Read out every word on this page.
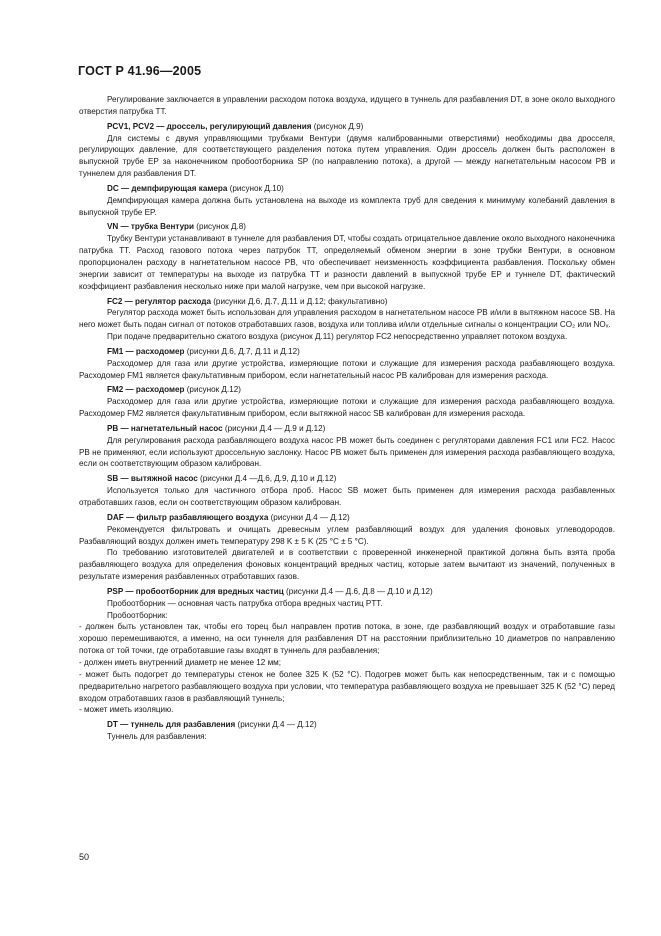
ГОСТ Р 41.96—2005

Регулирование заключается в управлении расходом потока воздуха, идущего в туннель для разбавления DT, в зоне около выходного отверстия патрубка TT.

PCV1, PCV2 — дроссель, регулирующий давления (рисунок Д.9)

Для системы с двумя управляющими трубками Вентури (двумя калиброванными отверстиями) необходимы два дросселя, регулирующих давление, для соответствующего разделения потока путем управления. Один дроссель должен быть расположен в выпускной трубе EP за наконечником пробоотборника SP (по направлению потока), а другой — между нагнетательным насосом PB и туннелем для разбавления DT.

DC — демпфирующая камера (рисунок Д.10)

Демпфирующая камера должна быть установлена на выходе из комплекта труб для сведения к минимуму колебаний давления в выпускной трубе EP.

VN — трубка Вентури (рисунок Д.8)

Трубку Вентури устанавливают в туннеле для разбавления DT, чтобы создать отрицательное давление около выходного наконечника патрубка TT. Расход газового потока через патрубок TT, определяемый обменом энергии в зоне трубки Вентури, в основном пропорционален расходу в нагнетательном насосе PB, что обеспечивает неизменность коэффициента разбавления. Поскольку обмен энергии зависит от температуры на выходе из патрубка TT и разности давлений в выпускной трубе EP и туннеле DT, фактический коэффициент разбавления несколько ниже при малой нагрузке, чем при высокой нагрузке.

FC2 — регулятор расхода (рисунки Д.6, Д.7, Д.11 и Д.12; факультативно)

Регулятор расхода может быть использован для управления расходом в нагнетательном насосе PB и/или в вытяжном насосе SB. На него может быть подан сигнал от потоков отработавших газов, воздуха или топлива и/или отдельные сигналы о концентрации CO₂ или NOₓ.

При подаче предварительно сжатого воздуха (рисунок Д.11) регулятор FC2 непосредственно управляет потоком воздуха.

FM1 — расходомер (рисунки Д.6, Д.7, Д.11 и Д.12)

Расходомер для газа или другие устройства, измеряющие потоки и служащие для измерения расхода разбавляющего воздуха. Расходомер FM1 является факультативным прибором, если нагнетательный насос PB калиброван для измерения расхода.

FM2 — расходомер (рисунок Д.12)

Расходомер для газа или другие устройства, измеряющие потоки и служащие для измерения расхода разбавляющего воздуха. Расходомер FM2 является факультативным прибором, если вытяжной насос SB калиброван для измерения расхода.

PB — нагнетательный насос (рисунки Д.4 — Д.9 и Д.12)

Для регулирования расхода разбавляющего воздуха насос PB может быть соединен с регуляторами давления FC1 или FC2. Насос PB не применяют, если используют дроссельную заслонку. Насос PB может быть применен для измерения расхода разбавляющего воздуха, если он соответствующим образом калиброван.

SB — вытяжной насос (рисунки Д.4 —Д.6, Д.9, Д.10 и Д.12)

Используется только для частичного отбора проб. Насос SB может быть применен для измерения расхода разбавленных отработавших газов, если он соответствующим образом калиброван.

DAF — фильтр разбавляющего воздуха (рисунки Д.4 — Д.12)

Рекомендуется фильтровать и очищать древесным углем разбавляющий воздух для удаления фоновых углеводородов. Разбавляющий воздух должен иметь температуру 298 K ± 5 K (25 °C ± 5 °C).

По требованию изготовителей двигателей и в соответствии с проверенной инженерной практикой должна быть взята проба разбавляющего воздуха для определения фоновых концентраций вредных частиц, которые затем вычитают из значений, полученных в результате измерения разбавленных отработавших газов.

PSP — пробоотборник для вредных частиц (рисунки Д.4 — Д.6, Д.8 — Д.10 и Д.12)

Пробоотборник — основная часть патрубка отбора вредных частиц PTT.

Пробоотборник:

- должен быть установлен так, чтобы его торец был направлен против потока, в зоне, где разбавляющий воздух и отработавшие газы хорошо перемешиваются, а именно, на оси туннеля для разбавления DT на расстоянии приблизительно 10 диаметров по направлению потока от той точки, где отработавшие газы входят в туннель для разбавления;

- должен иметь внутренний диаметр не менее 12 мм;

- может быть подогрет до температуры стенок не более 325 K (52 °C). Подогрев может быть как непосредственным, так и с помощью предварительно нагретого разбавляющего воздуха при условии, что температура разбавляющего воздуха не превышает 325 K (52 °C) перед входом отработавших газов в разбавляющий туннель;

- может иметь изоляцию.

DT — туннель для разбавления (рисунки Д.4 — Д.12)

Туннель для разбавления:

50
